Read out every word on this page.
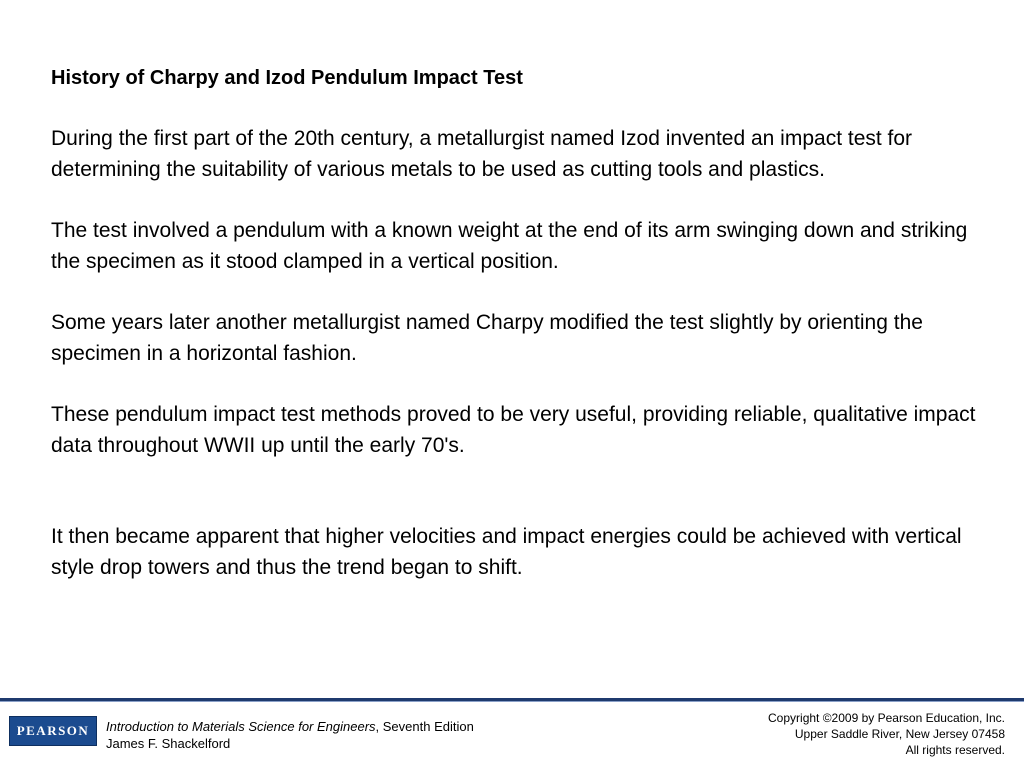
History of Charpy and Izod Pendulum Impact Test

During the first part of the 20th century, a metallurgist named Izod invented an impact test for determining the suitability of various metals to be used as cutting tools and plastics.

The test involved a pendulum with a known weight at the end of its arm swinging down and striking the specimen as it stood clamped in a vertical position.

Some years later another metallurgist named Charpy modified the test slightly by orienting the specimen in a horizontal fashion.

These pendulum impact test methods proved to be very useful, providing reliable, qualitative impact data throughout WWII up until the early 70's.

It then became apparent that higher velocities and impact energies could be achieved with vertical style drop towers and thus the trend began to shift.

PEARSON Introduction to Materials Science for Engineers, Seventh Edition
James F. Shackelford
Copyright ©2009 by Pearson Education, Inc.
Upper Saddle River, New Jersey 07458
All rights reserved.
